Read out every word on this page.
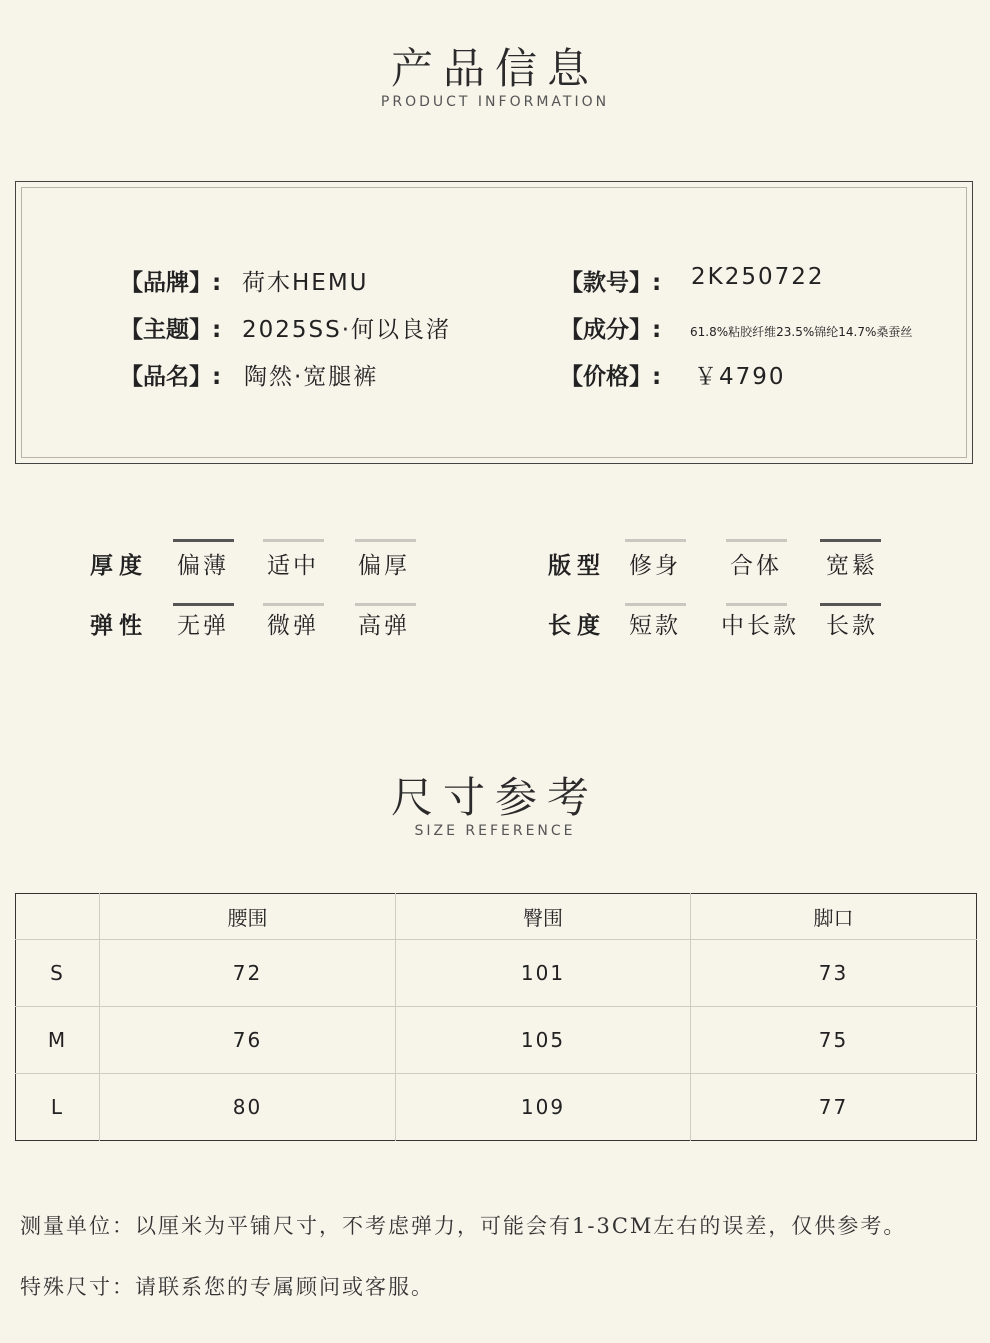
产品信息
PRODUCT INFORMATION
【品牌】: 荷木HEMU
【主题】: 2025SS·何以良渚
【品名】: 陶然·宽腿裤
【款号】: 2K250722
【成分】: 61.8%粘胶纤维23.5%锦纶14.7%桑蚕丝
【价格】: ￥4790
厚度 偏薄 适中 偏厚
弹性 无弹 微弹 高弹
版型 修身 合体 宽鬆
长度 短款 中长款 长款
尺寸参考
SIZE REFERENCE
	腰围	臀围	脚口
S	72	101	73
M	76	105	75
L	80	109	77
测量单位：以厘米为平铺尺寸，不考虑弹力，可能会有1-3CM左右的误差，仅供参考。
特殊尺寸：请联系您的专属顾问或客服。
